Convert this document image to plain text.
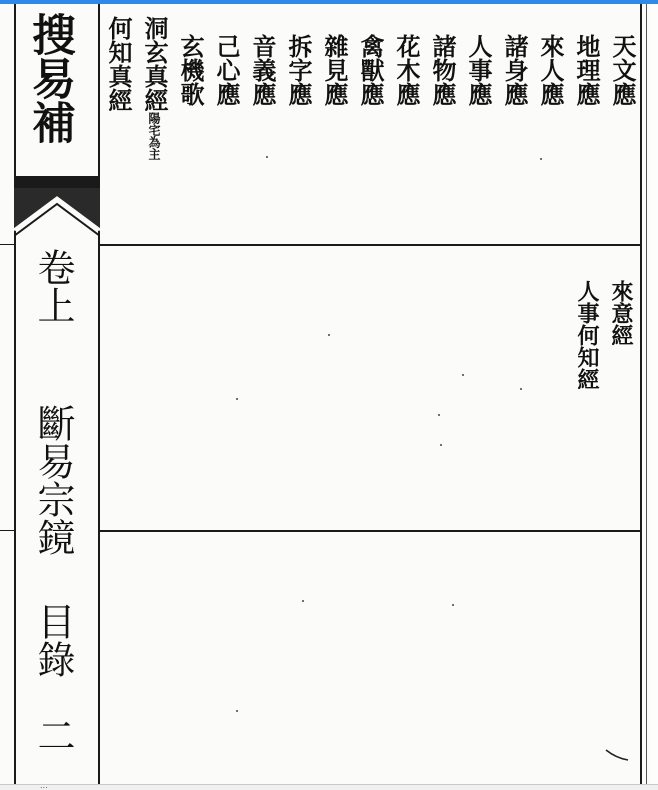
搜易補
卷上
斷易宗鏡
目錄
二
天文應
地理應
來人應
諸身應
人事應
諸物應
花木應
禽獸應
雜見應
拆字應
音義應
己心應
玄機歌
洞玄真經陽宅為主
何知真經
來意經
人事何知經
...
